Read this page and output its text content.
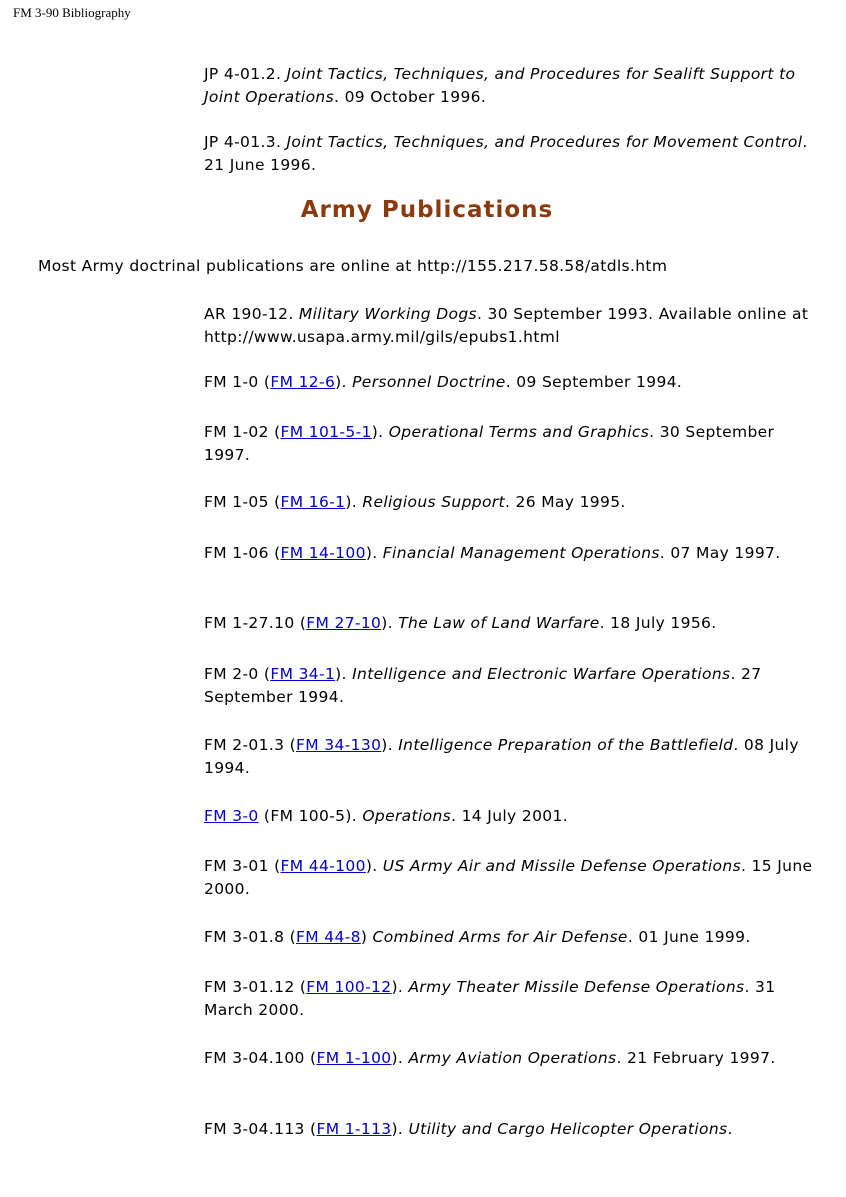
FM 3-90 Bibliography

JP 4-01.2. Joint Tactics, Techniques, and Procedures for Sealift Support to Joint Operations. 09 October 1996.

JP 4-01.3. Joint Tactics, Techniques, and Procedures for Movement Control. 21 June 1996.

Army Publications

Most Army doctrinal publications are online at http://155.217.58.58/atdls.htm

AR 190-12. Military Working Dogs. 30 September 1993. Available online at http://www.usapa.army.mil/gils/epubs1.html

FM 1-0 (FM 12-6). Personnel Doctrine. 09 September 1994.

FM 1-02 (FM 101-5-1). Operational Terms and Graphics. 30 September 1997.

FM 1-05 (FM 16-1). Religious Support. 26 May 1995.

FM 1-06 (FM 14-100). Financial Management Operations. 07 May 1997.

FM 1-27.10 (FM 27-10). The Law of Land Warfare. 18 July 1956.

FM 2-0 (FM 34-1). Intelligence and Electronic Warfare Operations. 27 September 1994.

FM 2-01.3 (FM 34-130). Intelligence Preparation of the Battlefield. 08 July 1994.

FM 3-0 (FM 100-5). Operations. 14 July 2001.

FM 3-01 (FM 44-100). US Army Air and Missile Defense Operations. 15 June 2000.

FM 3-01.8 (FM 44-8) Combined Arms for Air Defense. 01 June 1999.

FM 3-01.12 (FM 100-12). Army Theater Missile Defense Operations. 31 March 2000.

FM 3-04.100 (FM 1-100). Army Aviation Operations. 21 February 1997.

FM 3-04.113 (FM 1-113). Utility and Cargo Helicopter Operations.
